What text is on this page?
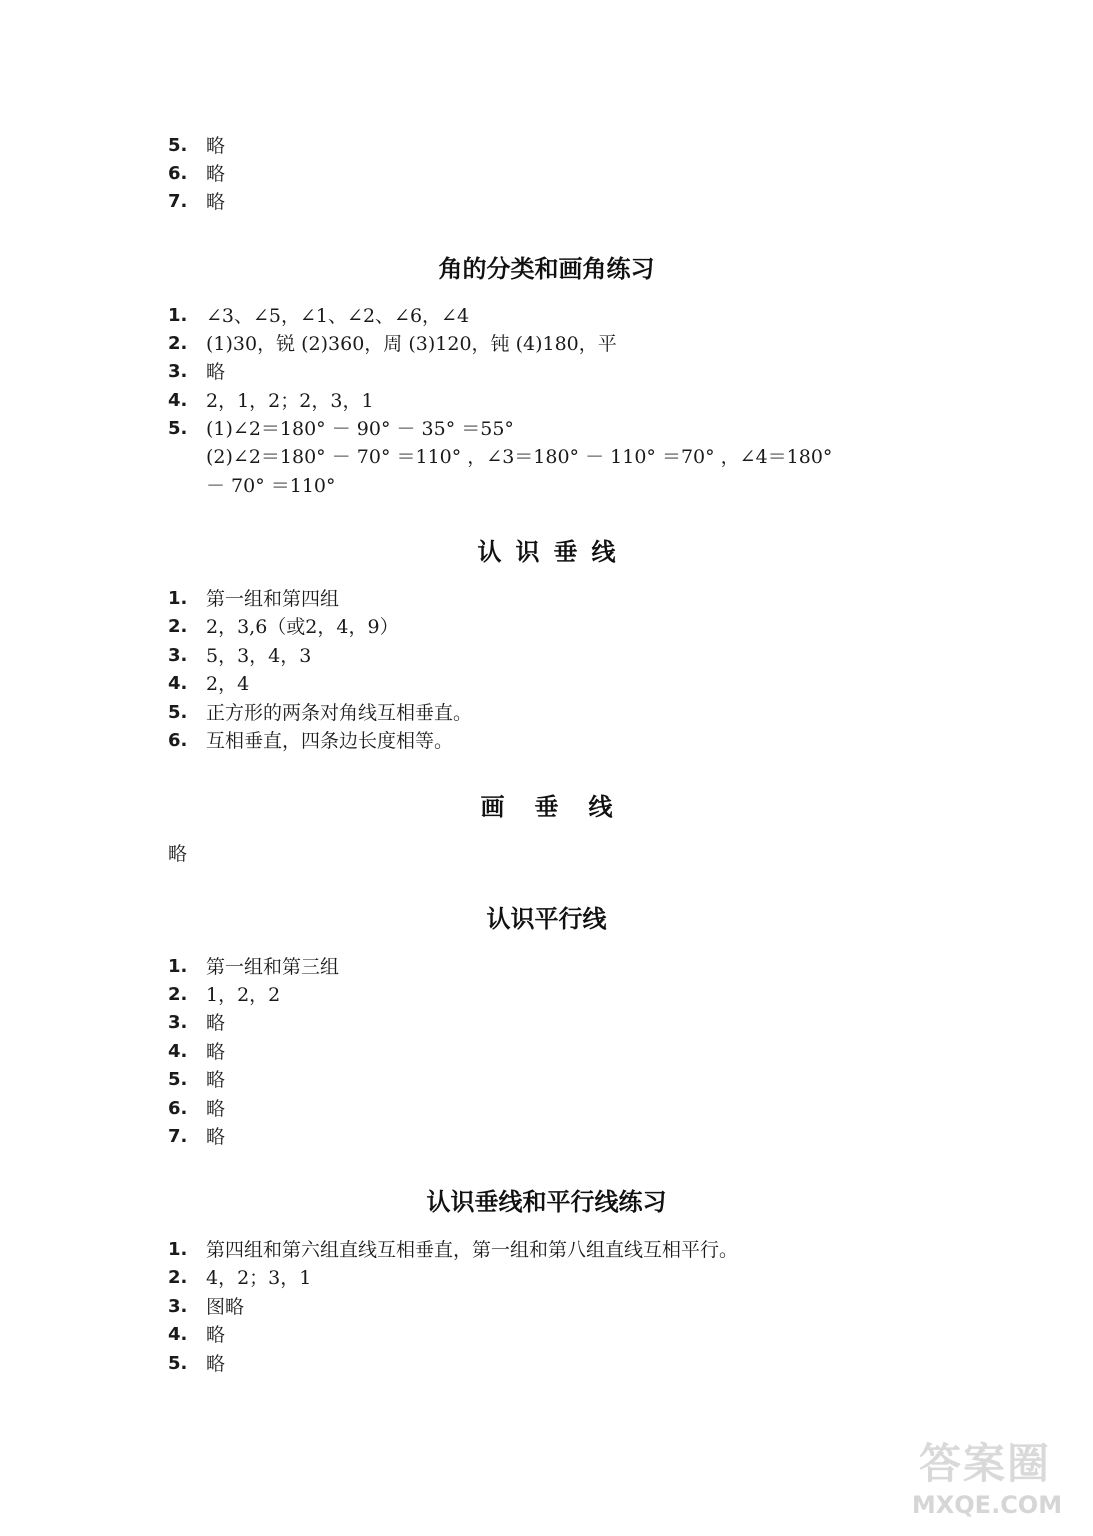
5. 略
6. 略
7. 略
角的分类和画角练习
1. ∠3、∠5，∠1、∠2、∠6，∠4
2. (1)30，锐 (2)360，周 (3)120，钝 (4)180，平
3. 略
4. 2，1，2；2，3，1
5. (1)∠2＝180° － 90° － 35° ＝55°
(2)∠2＝180° － 70° ＝110° ，∠3＝180° － 110° ＝70° ，∠4＝180°
－ 70° ＝110°
认识垂线
1. 第一组和第四组
2. 2，3,6（或2，4，9）
3. 5，3，4，3
4. 2，4
5. 正方形的两条对角线互相垂直。
6. 互相垂直，四条边长度相等。
画垂线
略
认识平行线
1. 第一组和第三组
2. 1，2，2
3. 略
4. 略
5. 略
6. 略
7. 略
认识垂线和平行线练习
1. 第四组和第六组直线互相垂直，第一组和第八组直线互相平行。
2. 4，2；3，1
3. 图略
4. 略
5. 略
答案圈
MXQE.COM
